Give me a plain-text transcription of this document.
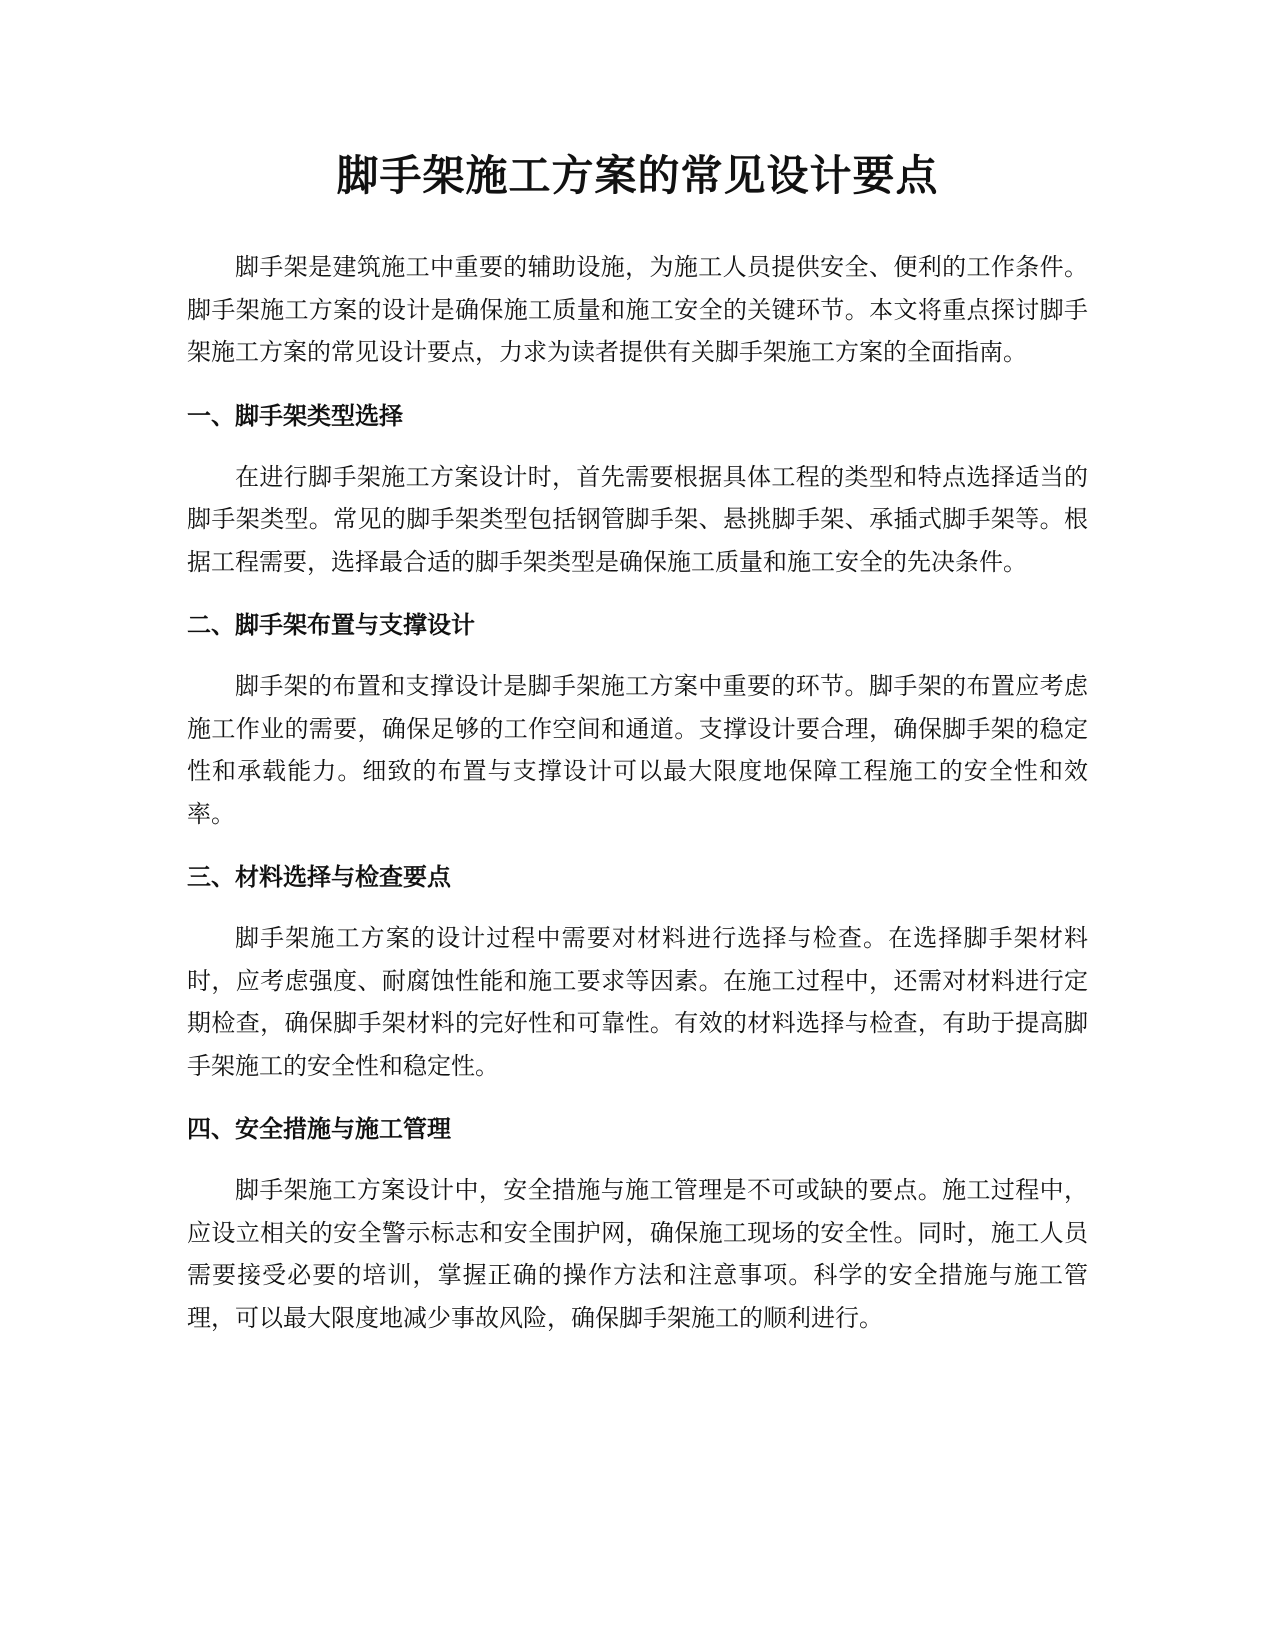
脚手架施工方案的常见设计要点

脚手架是建筑施工中重要的辅助设施，为施工人员提供安全、便利的工作条件。脚手架施工方案的设计是确保施工质量和施工安全的关键环节。本文将重点探讨脚手架施工方案的常见设计要点，力求为读者提供有关脚手架施工方案的全面指南。

一、脚手架类型选择

在进行脚手架施工方案设计时，首先需要根据具体工程的类型和特点选择适当的脚手架类型。常见的脚手架类型包括钢管脚手架、悬挑脚手架、承插式脚手架等。根据工程需要，选择最合适的脚手架类型是确保施工质量和施工安全的先决条件。

二、脚手架布置与支撑设计

脚手架的布置和支撑设计是脚手架施工方案中重要的环节。脚手架的布置应考虑施工作业的需要，确保足够的工作空间和通道。支撑设计要合理，确保脚手架的稳定性和承载能力。细致的布置与支撑设计可以最大限度地保障工程施工的安全性和效率。

三、材料选择与检查要点

脚手架施工方案的设计过程中需要对材料进行选择与检查。在选择脚手架材料时，应考虑强度、耐腐蚀性能和施工要求等因素。在施工过程中，还需对材料进行定期检查，确保脚手架材料的完好性和可靠性。有效的材料选择与检查，有助于提高脚手架施工的安全性和稳定性。

四、安全措施与施工管理

脚手架施工方案设计中，安全措施与施工管理是不可或缺的要点。施工过程中，应设立相关的安全警示标志和安全围护网，确保施工现场的安全性。同时，施工人员需要接受必要的培训，掌握正确的操作方法和注意事项。科学的安全措施与施工管理，可以最大限度地减少事故风险，确保脚手架施工的顺利进行。
